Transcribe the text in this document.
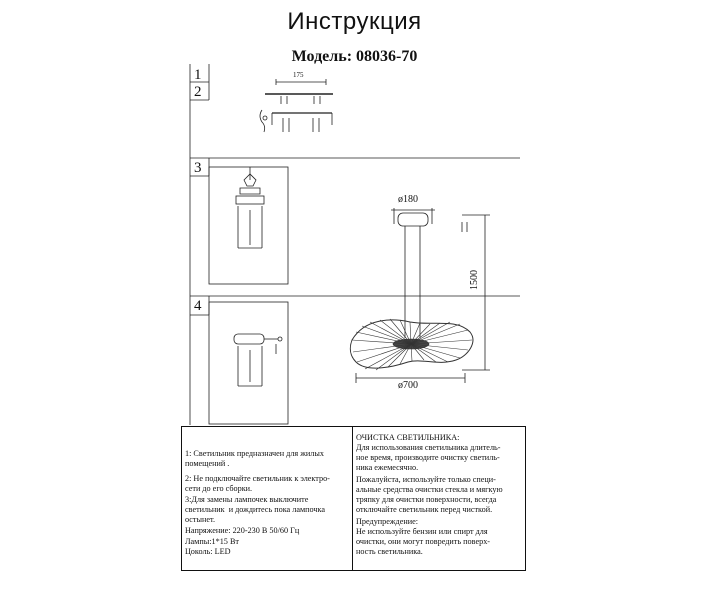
Инструкция
Модель: 08036-70
1
2
3
4
175
ø180
ø700
1500
1: Светильник предназначен для жилых
помещений .
2: Не подключайте светильник к электро-
сети до его сборки.
3:Для замены лампочек выключите
светильник  и дождитесь пока лампочка
остынет.
Напряжение: 220-230 В 50/60 Гц
Лампы:1*15 Вт
Цоколь: LED
ОЧИСТКА СВЕТИЛЬНИКА:
Для использования светильника длитель-
ное время, производите очистку светиль-
ника ежемесячно.
Пожалуйста, используйте только специ-
альные средства очистки стекла и мягкую
тряпку для очистки поверхности, всегда
отключайте светильник перед чисткой.
Предупреждение:
Не используйте бензин или спирт для
очистки, они могут повредить поверх-
ность светильника.
